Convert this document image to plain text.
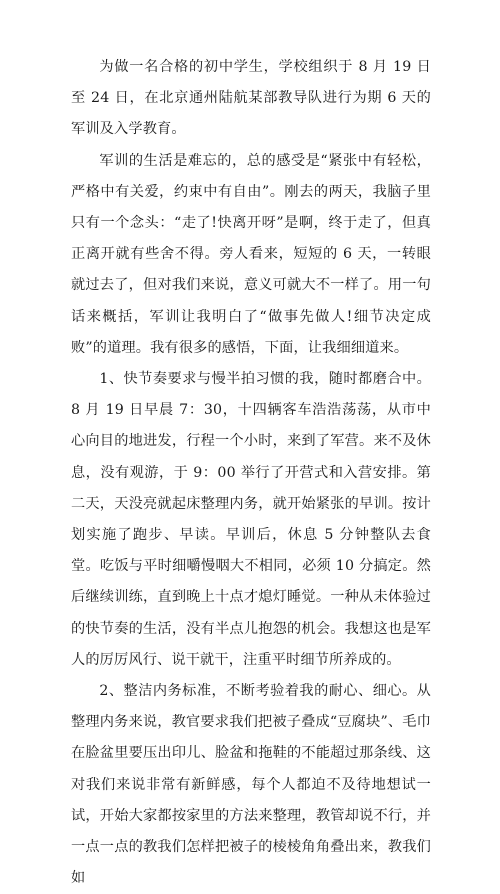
为做一名合格的初中学生，学校组织于 8 月 19 日至 24 日，在北京通州陆航某部教导队进行为期 6 天的军训及入学教育。

军训的生活是难忘的，总的感受是“紧张中有轻松，严格中有关爱，约束中有自由”。刚去的两天，我脑子里只有一个念头：“走了!快离开呀”是啊，终于走了，但真正离开就有些舍不得。旁人看来，短短的 6 天，一转眼就过去了，但对我们来说，意义可就大不一样了。用一句话来概括，军训让我明白了“做事先做人!细节决定成败”的道理。我有很多的感悟，下面，让我细细道来。

1、快节奏要求与慢半拍习惯的我，随时都磨合中。8 月 19 日早晨 7：30，十四辆客车浩浩荡荡，从市中心向目的地进发，行程一个小时，来到了军营。来不及休息，没有观游，于 9：00 举行了开营式和入营安排。第二天，天没亮就起床整理内务，就开始紧张的早训。按计划实施了跑步、早读。早训后，休息 5 分钟整队去食堂。吃饭与平时细嚼慢咽大不相同，必须 10 分搞定。然后继续训练，直到晚上十点才熄灯睡觉。一种从未体验过的快节奏的生活，没有半点儿抱怨的机会。我想这也是军人的厉厉风行、说干就干，注重平时细节所养成的。

2、整洁内务标准，不断考验着我的耐心、细心。从整理内务来说，教官要求我们把被子叠成“豆腐块”、毛巾在脸盆里要压出印儿、脸盆和拖鞋的不能超过那条线、这对我们来说非常有新鲜感，每个人都迫不及待地想试一试，开始大家都按家里的方法来整理，教管却说不行，并一点一点的教我们怎样把被子的棱棱角角叠出来，教我们如
